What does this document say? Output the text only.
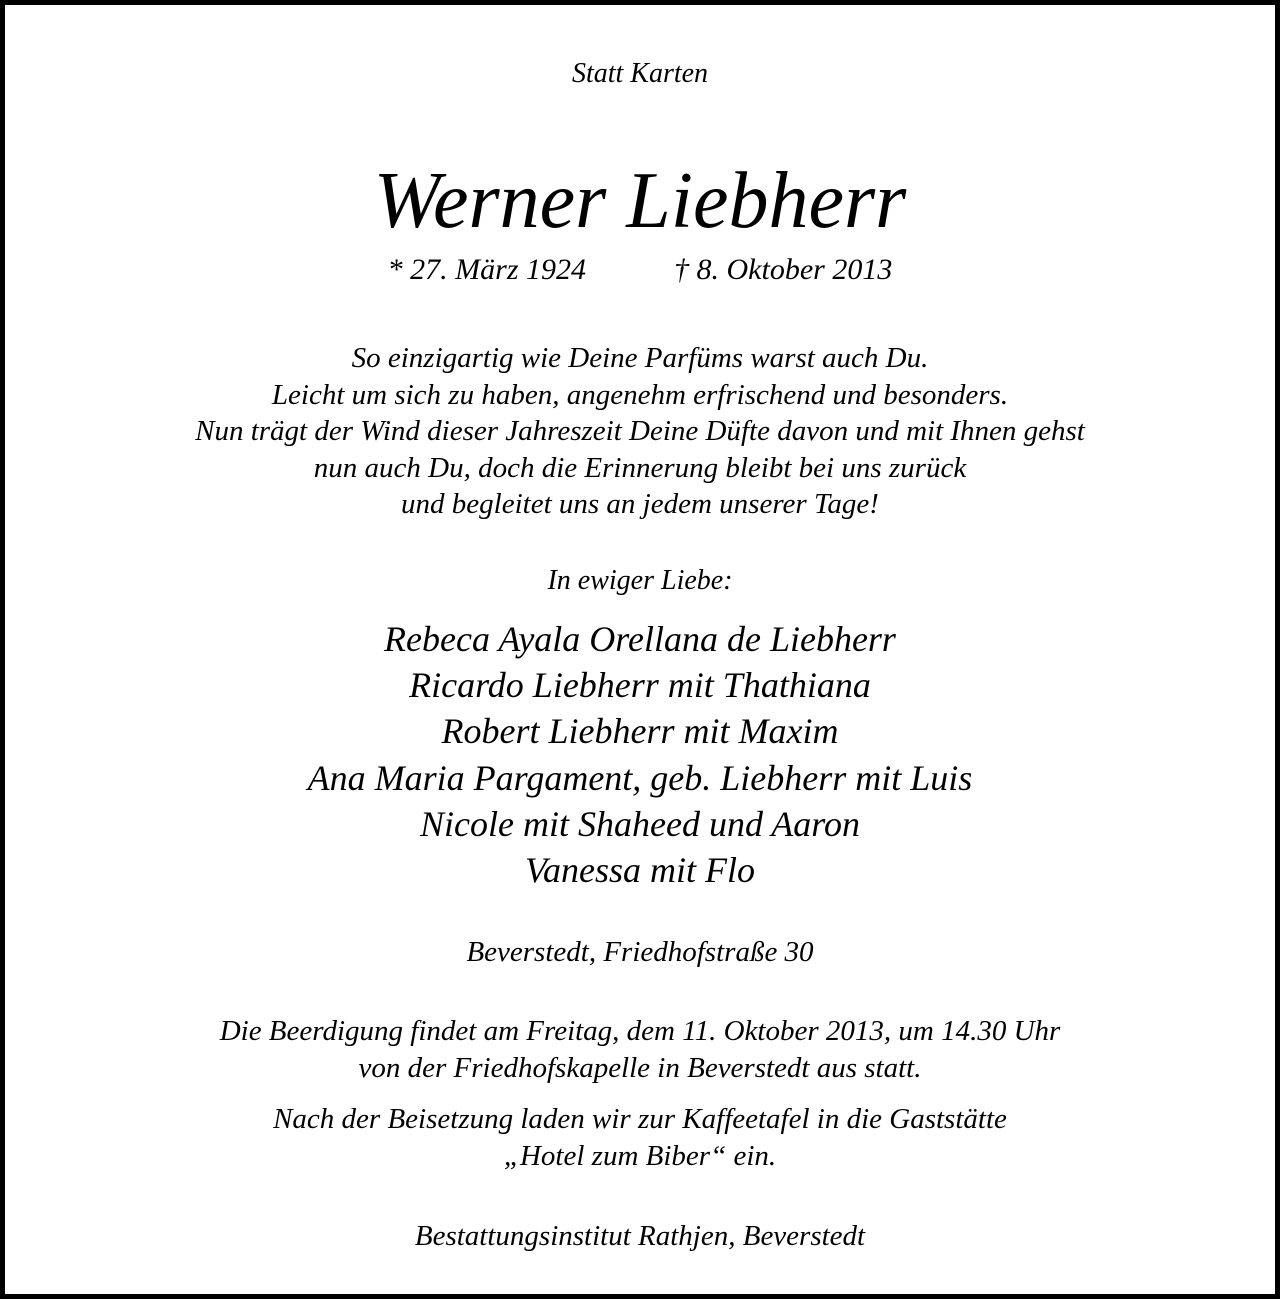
Statt Karten
Werner Liebherr
* 27. März 1924	† 8. Oktober 2013
So einzigartig wie Deine Parfüms warst auch Du.
Leicht um sich zu haben, angenehm erfrischend und besonders.
Nun trägt der Wind dieser Jahreszeit Deine Düfte davon und mit Ihnen gehst
nun auch Du, doch die Erinnerung bleibt bei uns zurück
und begleitet uns an jedem unserer Tage!
In ewiger Liebe:
Rebeca Ayala Orellana de Liebherr
Ricardo Liebherr mit Thathiana
Robert Liebherr mit Maxim
Ana Maria Pargament, geb. Liebherr mit Luis
Nicole mit Shaheed und Aaron
Vanessa mit Flo
Beverstedt, Friedhofstraße 30
Die Beerdigung findet am Freitag, dem 11. Oktober 2013, um 14.30 Uhr
von der Friedhofskapelle in Beverstedt aus statt.
Nach der Beisetzung laden wir zur Kaffeetafel in die Gaststätte
„Hotel zum Biber“ ein.
Bestattungsinstitut Rathjen, Beverstedt
